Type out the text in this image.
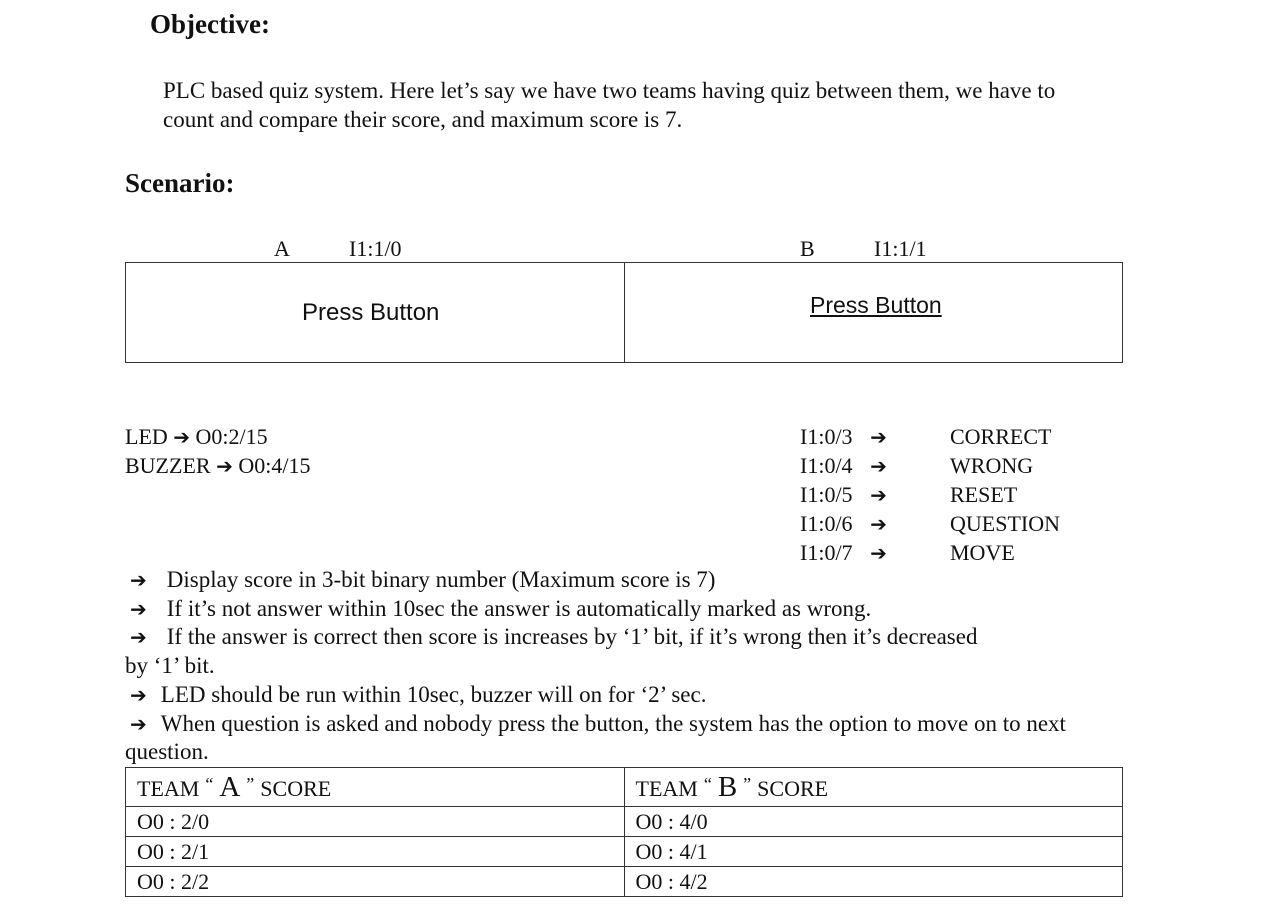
Objective:
PLC based quiz system. Here let’s say we have two teams having quiz between them, we have to
count and compare their score, and maximum score is 7.
Scenario:
A	I1:1/0	B	I1:1/1
Press Button	Press Button
LED ➔ O0:2/15
BUZZER ➔ O0:4/15
I1:0/3 ➔	CORRECT
I1:0/4 ➔	WRONG
I1:0/5 ➔	RESET
I1:0/6 ➔	QUESTION
I1:0/7 ➔	MOVE
➔ Display score in 3-bit binary number (Maximum score is 7)
➔ If it’s not answer within 10sec the answer is automatically marked as wrong.
➔ If the answer is correct then score is increases by ‘1’ bit, if it’s wrong then it’s decreased
by ‘1’ bit.
➔ LED should be run within 10sec, buzzer will on for ‘2’ sec.
➔ When question is asked and nobody press the button, the system has the option to move on to next
question.
TEAM “ A ” SCORE	TEAM “ B ” SCORE
O0 : 2/0	O0 : 4/0
O0 : 2/1	O0 : 4/1
O0 : 2/2	O0 : 4/2
